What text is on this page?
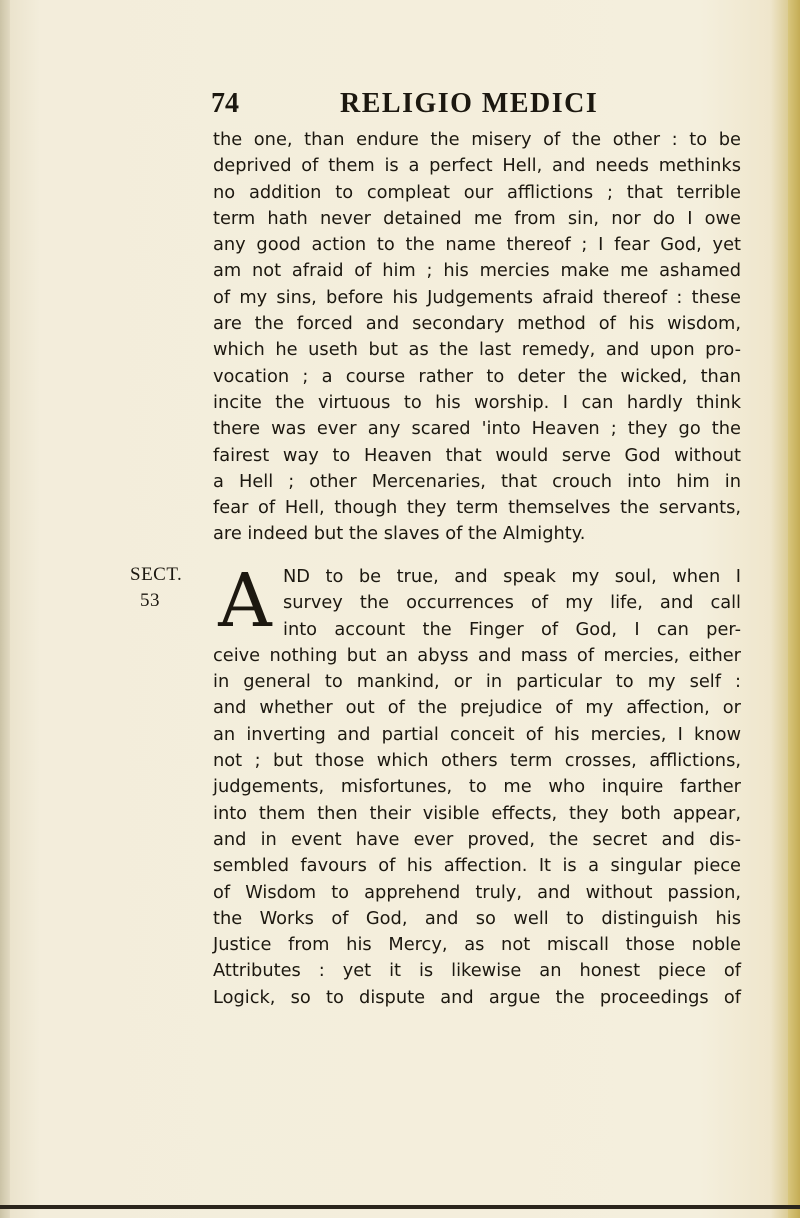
74	RELIGIO MEDICI
the one, than endure the misery of the other : to be
deprived of them is a perfect Hell, and needs methinks
no addition to compleat our afflictions ; that terrible
term hath never detained me from sin, nor do I owe
any good action to the name thereof ; I fear God, yet
am not afraid of him ; his mercies make me ashamed
of my sins, before his Judgements afraid thereof : these
are the forced and secondary method of his wisdom,
which he useth but as the last remedy, and upon pro-
vocation ; a course rather to deter the wicked, than
incite the virtuous to his worship. I can hardly think
there was ever any scared 'into Heaven ; they go the
fairest way to Heaven that would serve God without
a Hell ; other Mercenaries, that crouch into him in
fear of Hell, though they term themselves the servants,
are indeed but the slaves of the Almighty.
SECT.
53 A ND to be true, and speak my soul, when I
survey the occurrences of my life, and call
into account the Finger of God, I can per-
ceive nothing but an abyss and mass of mercies, either
in general to mankind, or in particular to my self :
and whether out of the prejudice of my affection, or
an inverting and partial conceit of his mercies, I know
not ; but those which others term crosses, afflictions,
judgements, misfortunes, to me who inquire farther
into them then their visible effects, they both appear,
and in event have ever proved, the secret and dis-
sembled favours of his affection. It is a singular piece
of Wisdom to apprehend truly, and without passion,
the Works of God, and so well to distinguish his
Justice from his Mercy, as not miscall those noble
Attributes : yet it is likewise an honest piece of
Logick, so to dispute and argue the proceedings of
